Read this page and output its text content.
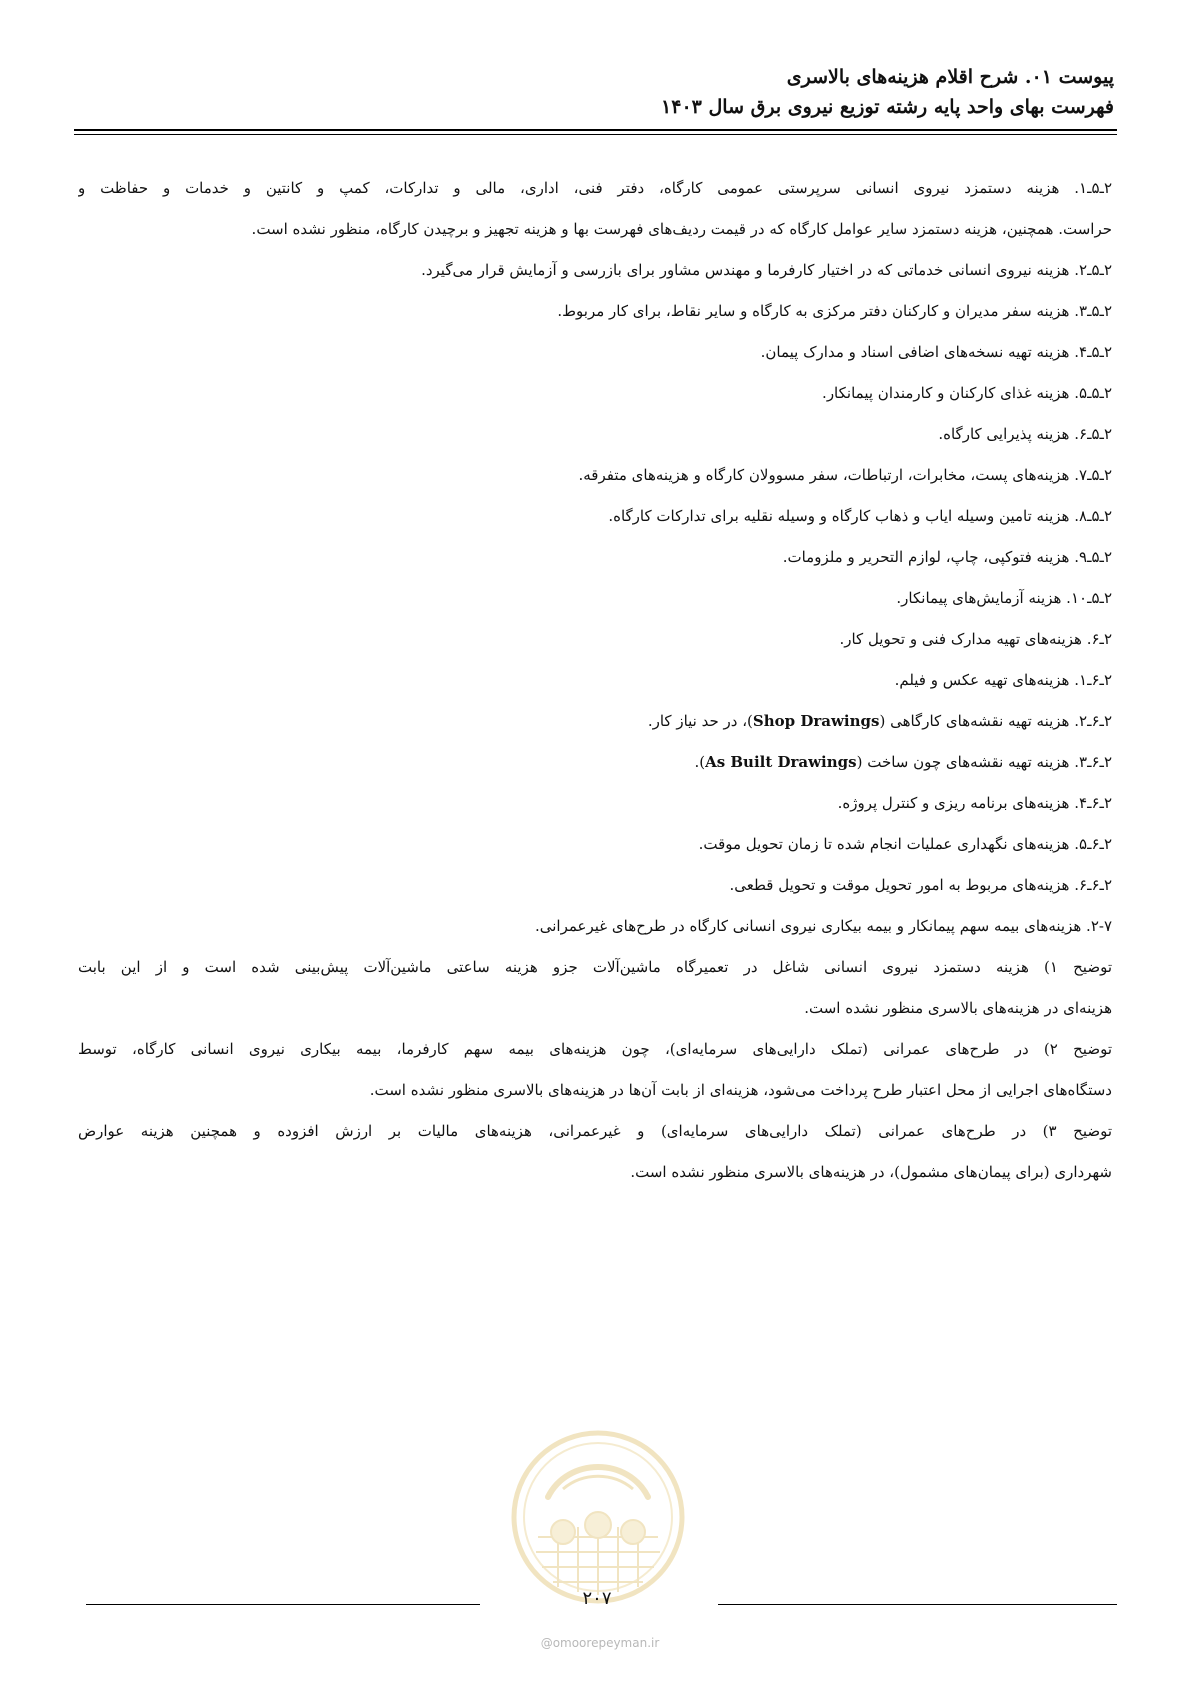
پیوست ۰۱. شرح اقلام هزینه‌های بالاسری
فهرست بهای واحد پایه رشته توزیع نیروی برق سال ۱۴۰۳
۲ـ۵ـ۱. هزینه دستمزد نیروی انسانی سرپرستی عمومی کارگاه، دفتر فنی، اداری، مالی و تدارکات، کمپ و کانتین و خدمات و حفاظت و
حراست. همچنین، هزینه دستمزد سایر عوامل کارگاه که در قیمت ردیف‌های فهرست بها و هزینه تجهیز و برچیدن کارگاه، منظور نشده است.
۲ـ۵ـ۲. هزینه نیروی انسانی خدماتی که در اختیار کارفرما و مهندس مشاور برای بازرسی و آزمایش قرار می‌گیرد.
۲ـ۵ـ۳. هزینه سفر مدیران و کارکنان دفتر مرکزی به کارگاه و سایر نقاط، برای کار مربوط.
۲ـ۵ـ۴. هزینه تهیه نسخه‌های اضافی اسناد و مدارک پیمان.
۲ـ۵ـ۵. هزینه غذای کارکنان و کارمندان پیمانکار.
۲ـ۵ـ۶. هزینه پذیرایی کارگاه.
۲ـ۵ـ۷. هزینه‌های پست، مخابرات، ارتباطات، سفر مسوولان کارگاه و هزینه‌های متفرقه.
۲ـ۵ـ۸. هزینه تامین وسیله ایاب و ذهاب کارگاه و وسیله نقلیه برای تدارکات کارگاه.
۲ـ۵ـ۹. هزینه فتوکپی، چاپ، لوازم التحریر و ملزومات.
۲ـ۵ـ۱۰. هزینه آزمایش‌های پیمانکار.
۲ـ۶. هزینه‌های تهیه مدارک فنی و تحویل کار.
۲ـ۶ـ۱. هزینه‌های تهیه عکس و فیلم.
۲ـ۶ـ۲. هزینه تهیه نقشه‌های کارگاهی (Shop Drawings)، در حد نیاز کار.
۲ـ۶ـ۳. هزینه تهیه نقشه‌های چون ساخت (As Built Drawings).
۲ـ۶ـ۴. هزینه‌های برنامه ریزی و کنترل پروژه.
۲ـ۶ـ۵. هزینه‌های نگهداری عملیات انجام شده تا زمان تحویل موقت.
۲ـ۶ـ۶. هزینه‌های مربوط به امور تحویل موقت و تحویل قطعی.
۲-۷. هزینه‌های بیمه سهم پیمانکار و بیمه بیکاری نیروی انسانی کارگاه در طرح‌های غیرعمرانی.
توضیح ۱) هزینه دستمزد نیروی انسانی شاغل در تعمیرگاه ماشین‌آلات جزو هزینه ساعتی ماشین‌آلات پیش‌بینی شده است و از این بابت
هزینه‌ای در هزینه‌های بالاسری منظور نشده است.
توضیح ۲) در طرح‌های عمرانی (تملک دارایی‌های سرمایه‌ای)، چون هزینه‌های بیمه سهم کارفرما، بیمه بیکاری نیروی انسانی کارگاه، توسط
دستگاه‌های اجرایی از محل اعتبار طرح پرداخت می‌شود، هزینه‌ای از بابت آن‌ها در هزینه‌های بالاسری منظور نشده است.
توضیح ۳) در طرح‌های عمرانی (تملک دارایی‌های سرمایه‌ای) و غیرعمرانی، هزینه‌های مالیات بر ارزش افزوده و همچنین هزینه عوارض
شهرداری (برای پیمان‌های مشمول)، در هزینه‌های بالاسری منظور نشده است.
۲۰۷
@omoorepeyman.ir
